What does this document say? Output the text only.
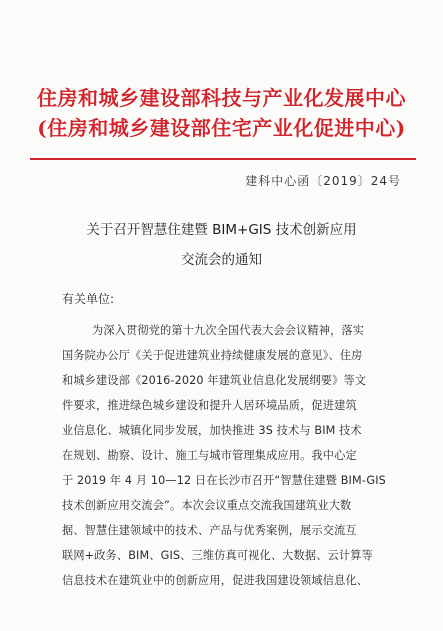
住房和城乡建设部科技与产业化发展中心
(住房和城乡建设部住宅产业化促进中心)
建科中心函〔2019〕24号
关于召开智慧住建暨 BIM+GIS 技术创新应用
交流会的通知
有关单位:
为深入贯彻党的第十九次全国代表大会会议精神，落实
国务院办公厅《关于促进建筑业持续健康发展的意见》、住房
和城乡建设部《2016-2020 年建筑业信息化发展纲要》等文
件要求，推进绿色城乡建设和提升人居环境品质，促进建筑
业信息化、城镇化同步发展，加快推进 3S 技术与 BIM 技术
在规划、勘察、设计、施工与城市管理集成应用。我中心定
于 2019 年 4 月 10—12 日在长沙市召开“智慧住建暨 BIM-GIS
技术创新应用交流会”。本次会议重点交流我国建筑业大数
据、智慧住建领域中的技术、产品与优秀案例，展示交流互
联网+政务、BIM、GIS、三维仿真可视化、大数据、云计算等
信息技术在建筑业中的创新应用，促进我国建设领域信息化、
